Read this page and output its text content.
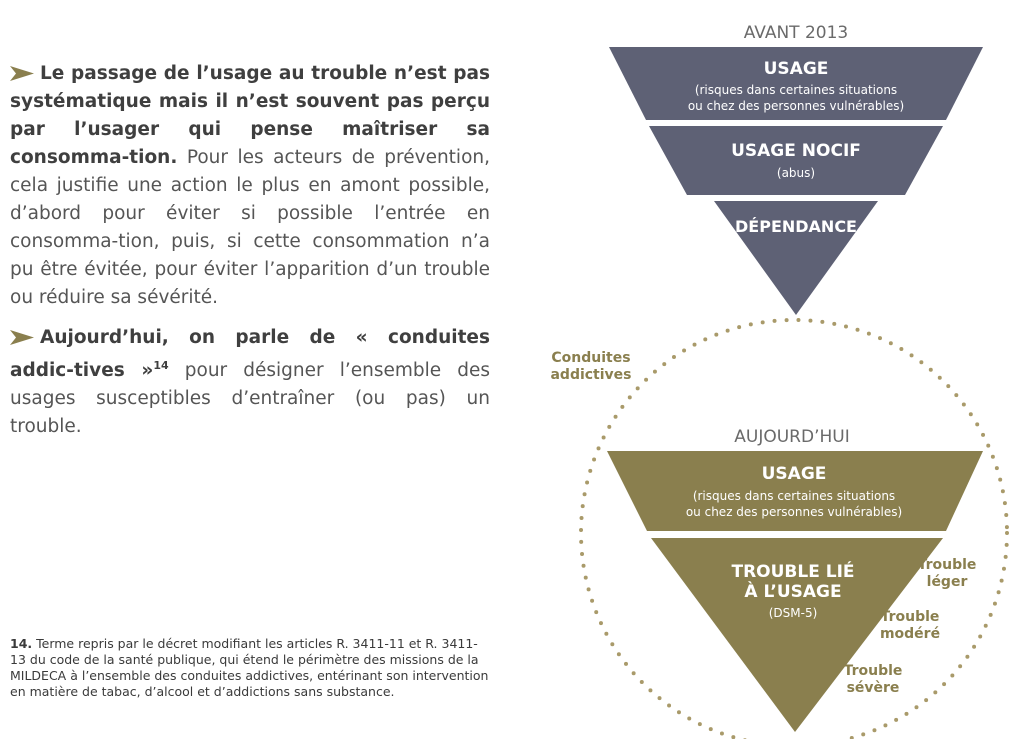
Le passage de l’usage au trouble n’est pas systématique mais il n’est souvent pas perçu par l’usager qui pense maîtriser sa consomma-tion. Pour les acteurs de prévention, cela justifie une action le plus en amont possible, d’abord pour éviter si possible l’entrée en consomma-tion, puis, si cette consommation n’a pu être évitée, pour éviter l’apparition d’un trouble ou réduire sa sévérité.

Aujourd’hui, on parle de « conduites addic-tives »$^{14}$ pour désigner l’ensemble des usages susceptibles d’entraîner (ou pas) un trouble.

14. Terme repris par le décret modifiant les articles R. 3411-11 et R. 3411-13 du code de la santé publique, qui étend le périmètre des missions de la MILDECA à l’ensemble des conduites addictives, entérinant son intervention en matière de tabac, d’alcool et d’addictions sans substance.

AVANT 2013
USAGE
(risques dans certaines situations
ou chez des personnes vulnérables)
USAGE NOCIF
(abus)
DÉPENDANCE
Conduites
addictives
AUJOURD’HUI
USAGE
(risques dans certaines situations
ou chez des personnes vulnérables)
TROUBLE LIÉ
À L’USAGE
(DSM-5)
Trouble
léger
Trouble
modéré
Trouble
sévère
